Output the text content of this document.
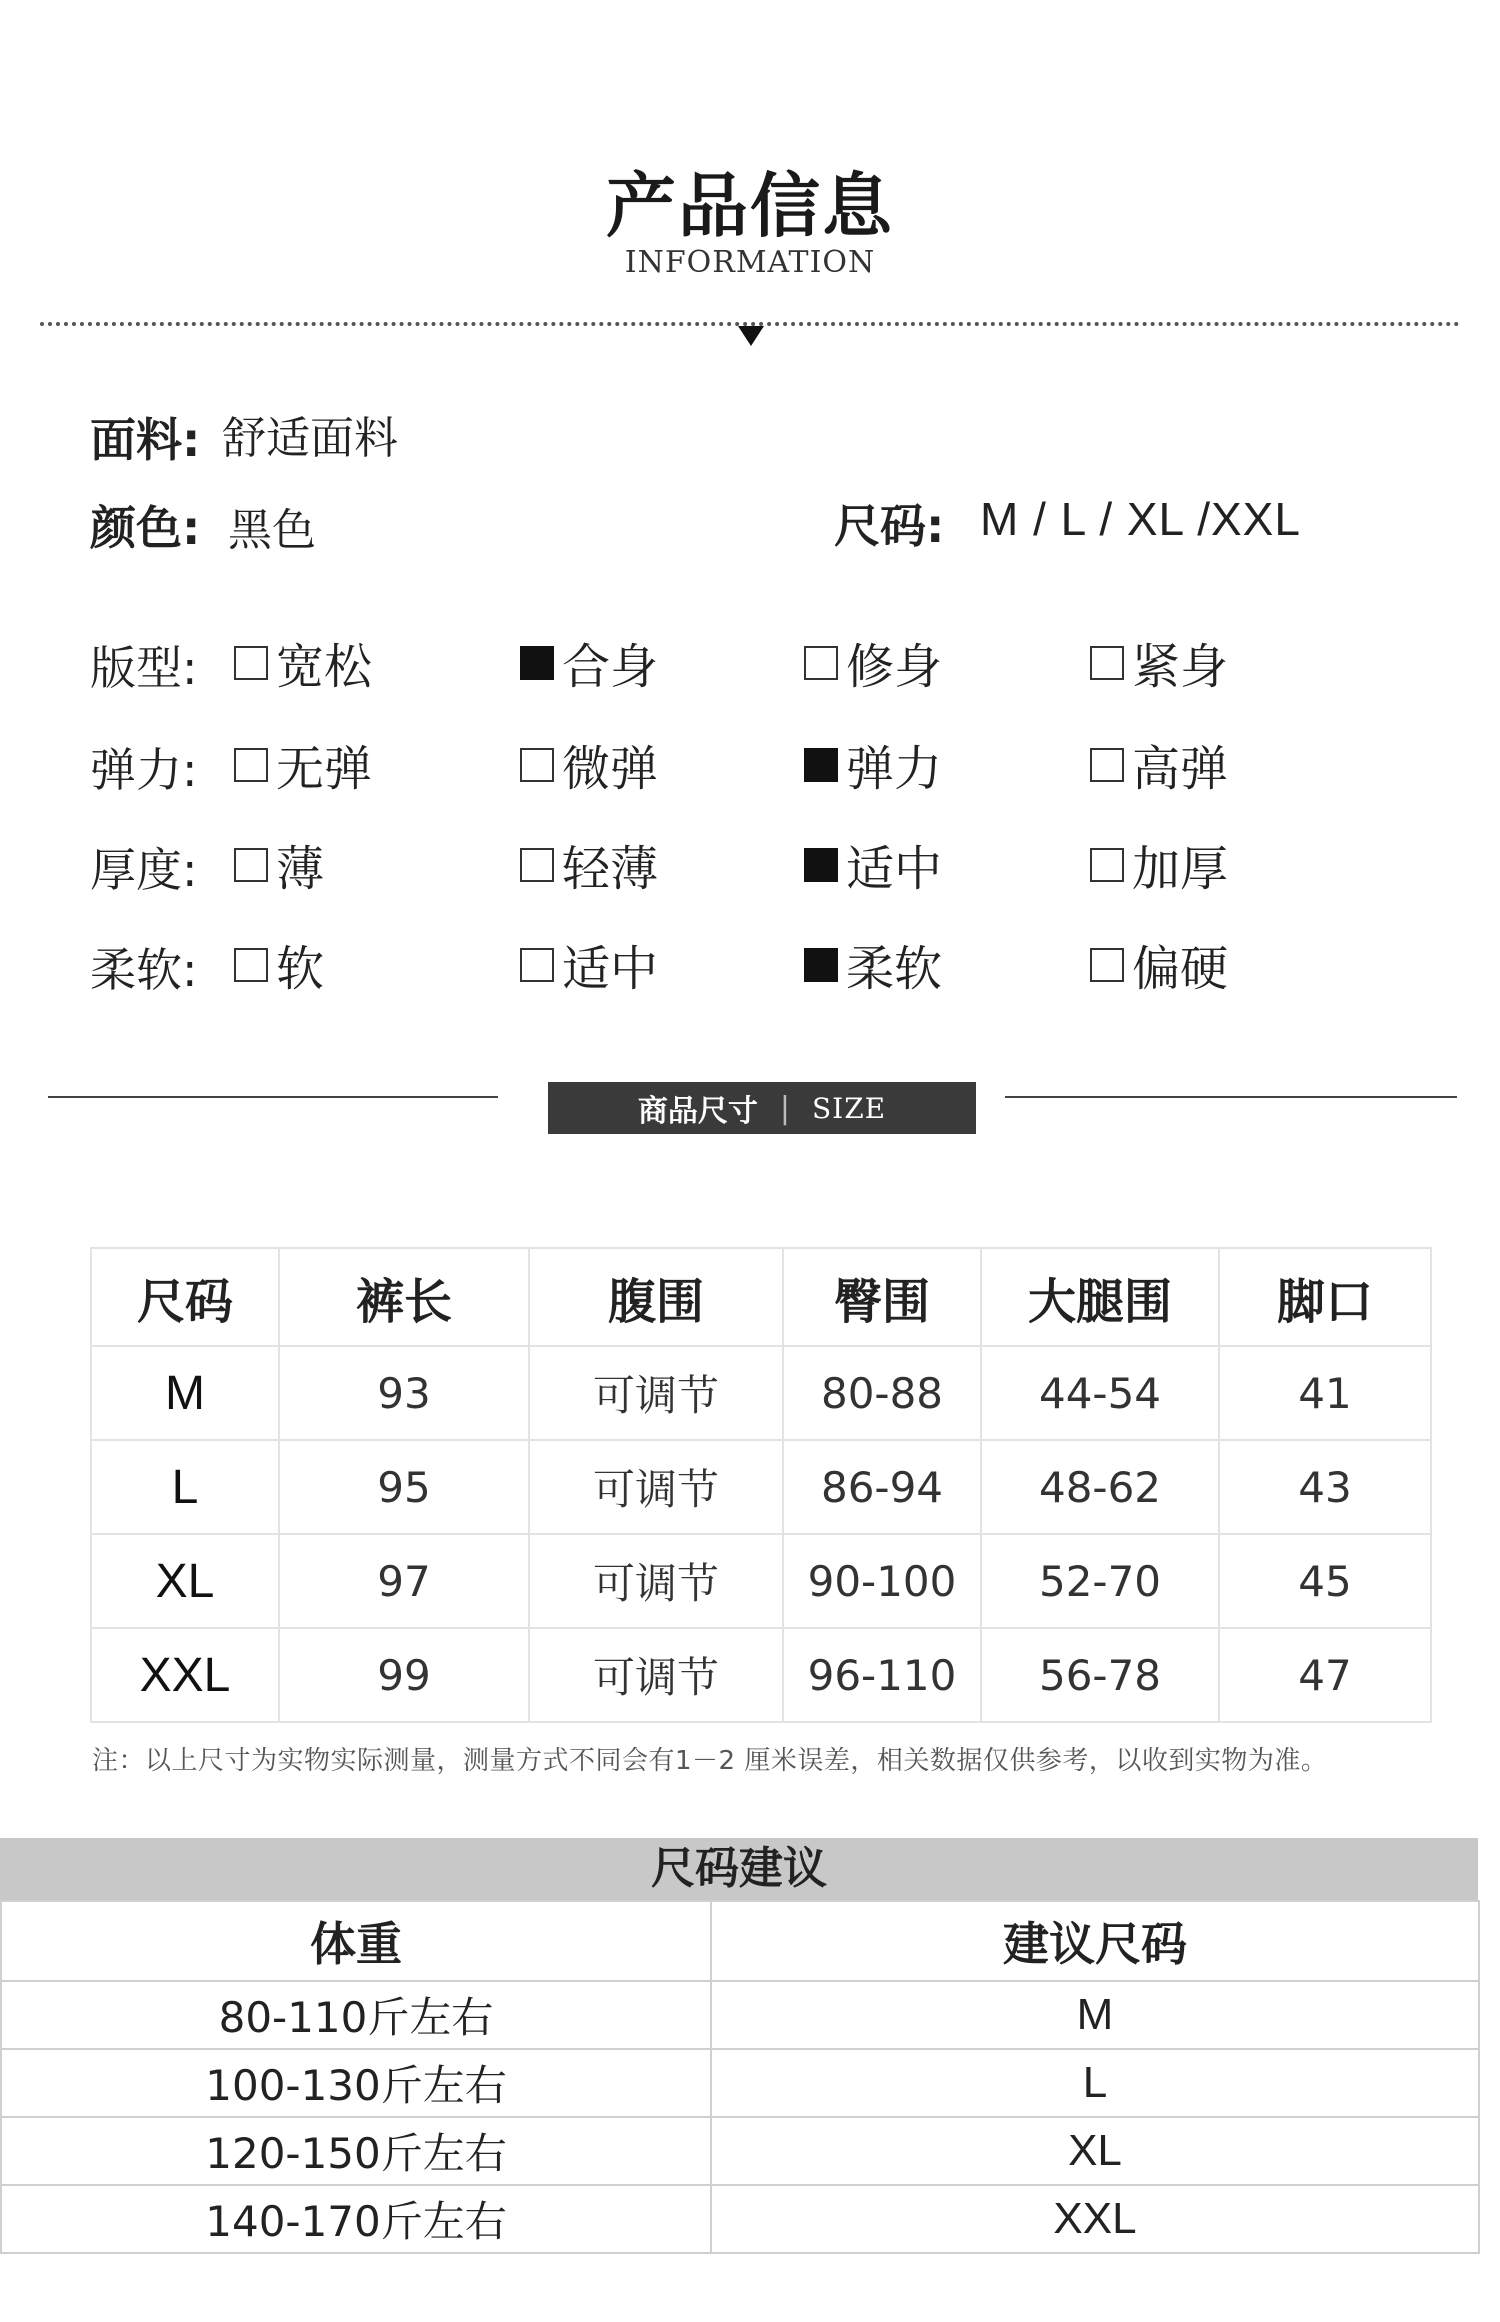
产品信息
INFORMATION
面料: 舒适面料
颜色: 黑色	尺码: M / L / XL /XXL
版型: 宽松	合身	修身	紧身
弹力: 无弹	微弹	弹力	高弹
厚度: 薄	轻薄	适中	加厚
柔软: 软	适中	柔软	偏硬
商品尺寸 | SIZE
尺码	裤长	腹围	臀围	大腿围	脚口
M	93	可调节	80-88	44-54	41
L	95	可调节	86-94	48-62	43
XL	97	可调节	90-100	52-70	45
XXL	99	可调节	96-110	56-78	47
注：以上尺寸为实物实际测量，测量方式不同会有1－2 厘米误差，相关数据仅供参考，以收到实物为准。
尺码建议
体重	建议尺码
80-110斤左右	M
100-130斤左右	L
120-150斤左右	XL
140-170斤左右	XXL
